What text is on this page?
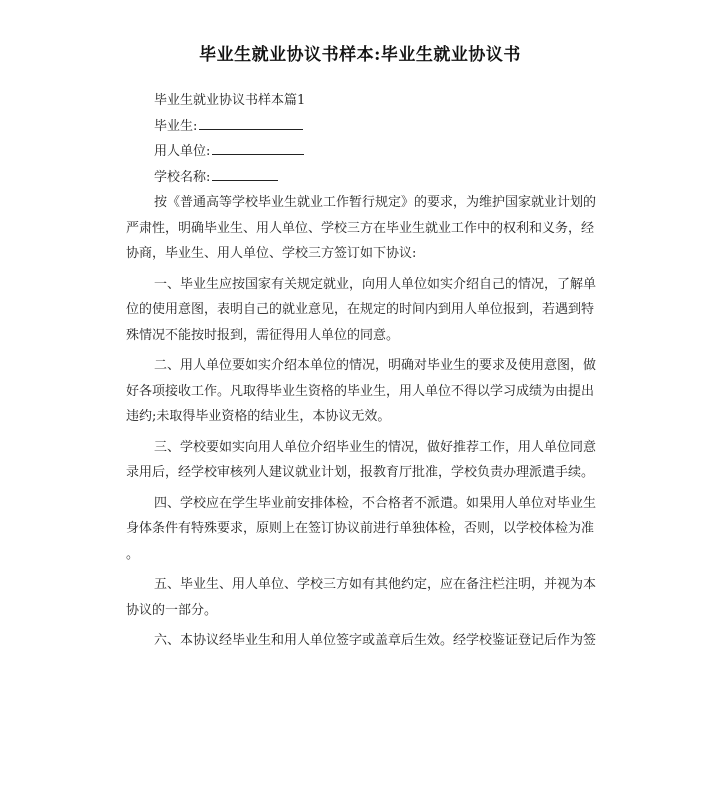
毕业生就业协议书样本:毕业生就业协议书
毕业生就业协议书样本篇1
毕业生:
用人单位:
学校名称:
按《普通高等学校毕业生就业工作暂行规定》的要求，为维护国家就业计划的
严肃性，明确毕业生、用人单位、学校三方在毕业生就业工作中的权利和义务，经
协商，毕业生、用人单位、学校三方签订如下协议:
一、毕业生应按国家有关规定就业，向用人单位如实介绍自己的情况，了解单
位的使用意图，表明自己的就业意见，在规定的时间内到用人单位报到，若遇到特
殊情况不能按时报到，需征得用人单位的同意。
二、用人单位要如实介绍本单位的情况，明确对毕业生的要求及使用意图，做
好各项接收工作。凡取得毕业生资格的毕业生，用人单位不得以学习成绩为由提出
违约;未取得毕业资格的结业生，本协议无效。
三、学校要如实向用人单位介绍毕业生的情况，做好推荐工作，用人单位同意
录用后，经学校审核列人建议就业计划，报教育厅批准，学校负责办理派遣手续。
四、学校应在学生毕业前安排体检，不合格者不派遣。如果用人单位对毕业生
身体条件有特殊要求，原则上在签订协议前进行单独体检，否则，以学校体检为准
。
五、毕业生、用人单位、学校三方如有其他约定，应在备注栏注明，并视为本
协议的一部分。
六、本协议经毕业生和用人单位签字或盖章后生效。经学校鉴证登记后作为签
